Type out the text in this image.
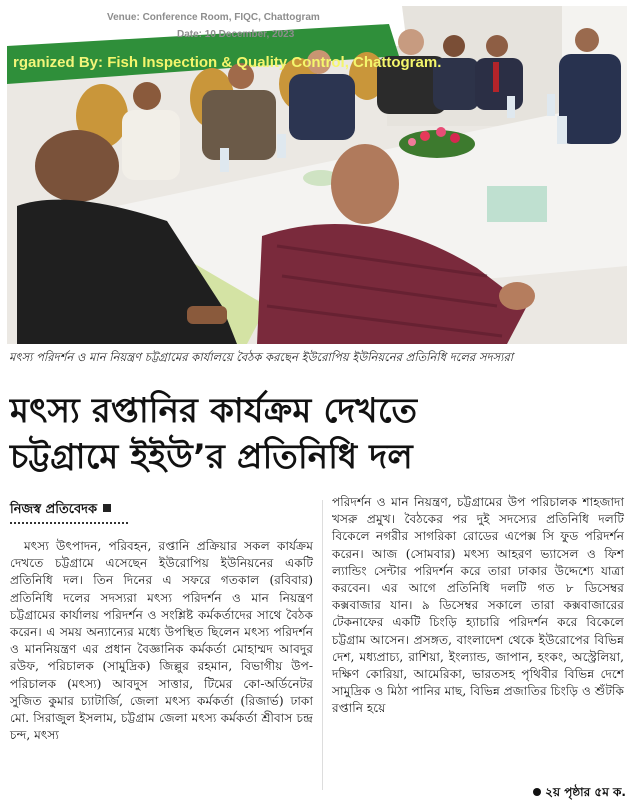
Venue: Conference Room, FIQC, Chattogram
Date: 10 December, 2023
rganized By: Fish Inspection & Quality Control, Chattogram.
মৎস্য পরিদর্শন ও মান নিয়ন্ত্রণ চট্টগ্রামের কার্যালয়ে বৈঠক করছেন ইউরোপিয় ইউনিয়নের প্রতিনিধি দলের সদস্যরা
মৎস্য রপ্তানির কার্যক্রম দেখতে
চট্টগ্রামে ইইউ’র প্রতিনিধি দল
নিজস্ব প্রতিবেদক
মৎস্য উৎপাদন, পরিবহন, রপ্তানি প্রক্রিয়ার সকল কার্যক্রম দেখতে চট্টগ্রামে এসেছেন ইউরোপিয় ইউনিয়নের একটি প্রতিনিধি দল। তিন দিনের এ সফরে গতকাল (রবিবার) প্রতিনিধি দলের সদস্যরা মৎস্য পরিদর্শন ও মান নিয়ন্ত্রণ চট্টগ্রামের কার্যালয় পরিদর্শন ও সংশ্লিষ্ট কর্মকর্তাদের সাথে বৈঠক করেন। এ সময় অন্যান্যের মধ্যে উপস্থিত ছিলেন মৎস্য পরিদর্শন ও মাননিয়ন্ত্রণ এর প্রধান বৈজ্ঞানিক কর্মকর্তা মোহাম্মদ আবদুর রউফ, পরিচালক (সামুদ্রিক) জিল্লুর রহমান, বিভাগীয় উপ-পরিচালক (মৎস্য) আবদুস সাত্তার, টিমের কো-অর্ডিনেটর সুজিত কুমার চ্যাটার্জি, জেলা মৎস্য কর্মকর্তা (রিজার্ভ) ঢাকা মো. সিরাজুল ইসলাম, চট্টগ্রাম জেলা মৎস্য কর্মকর্তা শ্রীবাস চন্দ্র চন্দ, মৎস্য
পরিদর্শন ও মান নিয়ন্ত্রণ, চট্টগ্রামের উপ পরিচালক শাহজাদা খসরু প্রমুখ। বৈঠকের পর দুই সদস্যের প্রতিনিধি দলটি বিকেলে নগরীর সাগরিকা রোডের এপেক্স সি ফুড পরিদর্শন করেন। আজ (সোমবার) মৎস্য আহরণ ভ্যাসেল ও ফিশ ল্যান্ডিং সেন্টার পরিদর্শন করে তারা ঢাকার উদ্দেশ্যে যাত্রা করবেন। এর আগে প্রতিনিধি দলটি গত ৮ ডিসেম্বর কক্সবাজার যান। ৯ ডিসেম্বর সকালে তারা কক্সবাজারের টেকনাফের একটি চিংড়ি হ্যাচারি পরিদর্শন করে বিকেলে চট্টগ্রাম আসেন। প্রসঙ্গত, বাংলাদেশ থেকে ইউরোপের বিভিন্ন দেশ, মধ্যপ্রাচ্য, রাশিয়া, ইংল্যান্ড, জাপান, হংকং, অস্ট্রেলিয়া, দক্ষিণ কোরিয়া, আমেরিকা, ভারতসহ পৃথিবীর বিভিন্ন দেশে সামুদ্রিক ও মিঠা পানির মাছ, বিভিন্ন প্রজাতির চিংড়ি ও শুঁটকি রপ্তানি হয়ে
২য় পৃষ্ঠার ৫ম ক.
